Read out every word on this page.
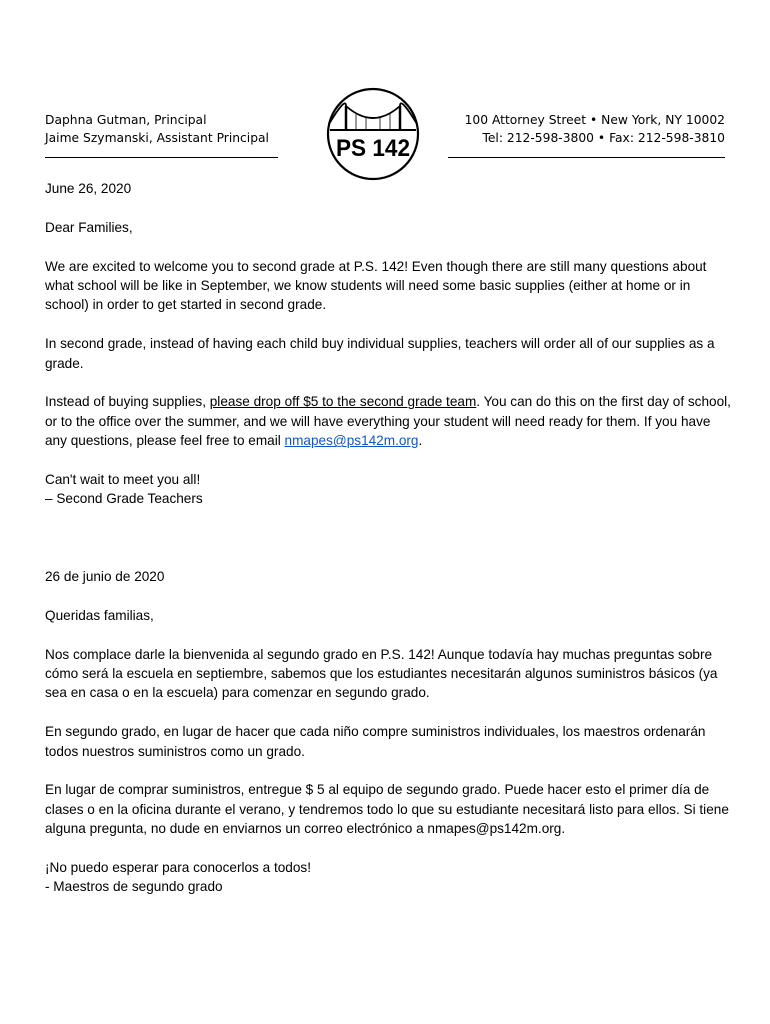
Daphna Gutman, Principal
Jaime Szymanski, Assistant Principal	PS 142
100 Attorney Street • New York, NY 10002
Tel: 212-598-3800 • Fax: 212-598-3810

June 26, 2020

Dear Families,

We are excited to welcome you to second grade at P.S. 142! Even though there are still many questions about what school will be like in September, we know students will need some basic supplies (either at home or in school) in order to get started in second grade.

In second grade, instead of having each child buy individual supplies, teachers will order all of our supplies as a grade.

Instead of buying supplies, please drop off $5 to the second grade team. You can do this on the first day of school, or to the office over the summer, and we will have everything your student will need ready for them. If you have any questions, please feel free to email nmapes@ps142m.org.

Can't wait to meet you all!
– Second Grade Teachers

26 de junio de 2020

Queridas familias,

Nos complace darle la bienvenida al segundo grado en P.S. 142! Aunque todavía hay muchas preguntas sobre cómo será la escuela en septiembre, sabemos que los estudiantes necesitarán algunos suministros básicos (ya sea en casa o en la escuela) para comenzar en segundo grado.

En segundo grado, en lugar de hacer que cada niño compre suministros individuales, los maestros ordenarán todos nuestros suministros como un grado.

En lugar de comprar suministros, entregue $ 5 al equipo de segundo grado. Puede hacer esto el primer día de clases o en la oficina durante el verano, y tendremos todo lo que su estudiante necesitará listo para ellos. Si tiene alguna pregunta, no dude en enviarnos un correo electrónico a nmapes@ps142m.org.

¡No puedo esperar para conocerlos a todos!
- Maestros de segundo grado
